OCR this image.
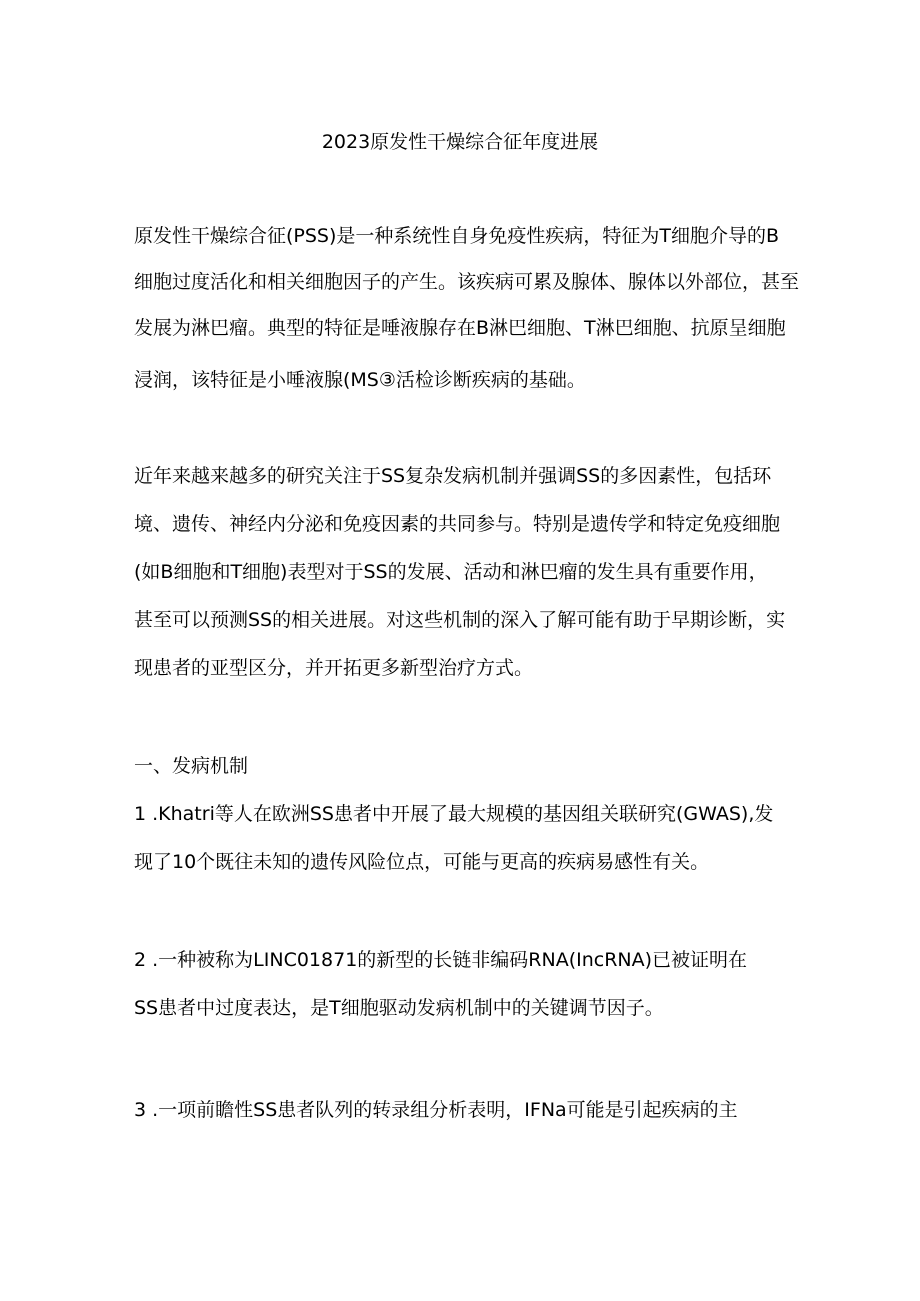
2023原发性干燥综合征年度进展
原发性干燥综合征(PSS)是一种系统性自身免疫性疾病，特征为T细胞介导的B
细胞过度活化和相关细胞因子的产生。该疾病可累及腺体、腺体以外部位，甚至
发展为淋巴瘤。典型的特征是唾液腺存在B淋巴细胞、T淋巴细胞、抗原呈细胞
浸润，该特征是小唾液腺(MS③活检诊断疾病的基础。
近年来越来越多的研究关注于SS复杂发病机制并强调SS的多因素性，包括环
境、遗传、神经内分泌和免疫因素的共同参与。特别是遗传学和特定免疫细胞
(如B细胞和T细胞)表型对于SS的发展、活动和淋巴瘤的发生具有重要作用，
甚至可以预测SS的相关进展。对这些机制的深入了解可能有助于早期诊断，实
现患者的亚型区分，并开拓更多新型治疗方式。
一、发病机制
1 .Khatri等人在欧洲SS患者中开展了最大规模的基因组关联研究(GWAS),发
现了10个既往未知的遗传风险位点，可能与更高的疾病易感性有关。
2 .一种被称为LINC01871的新型的长链非编码RNA(IncRNA)已被证明在
SS患者中过度表达，是T细胞驱动发病机制中的关键调节因子。
3 .一项前瞻性SS患者队列的转录组分析表明，IFNa可能是引起疾病的主
